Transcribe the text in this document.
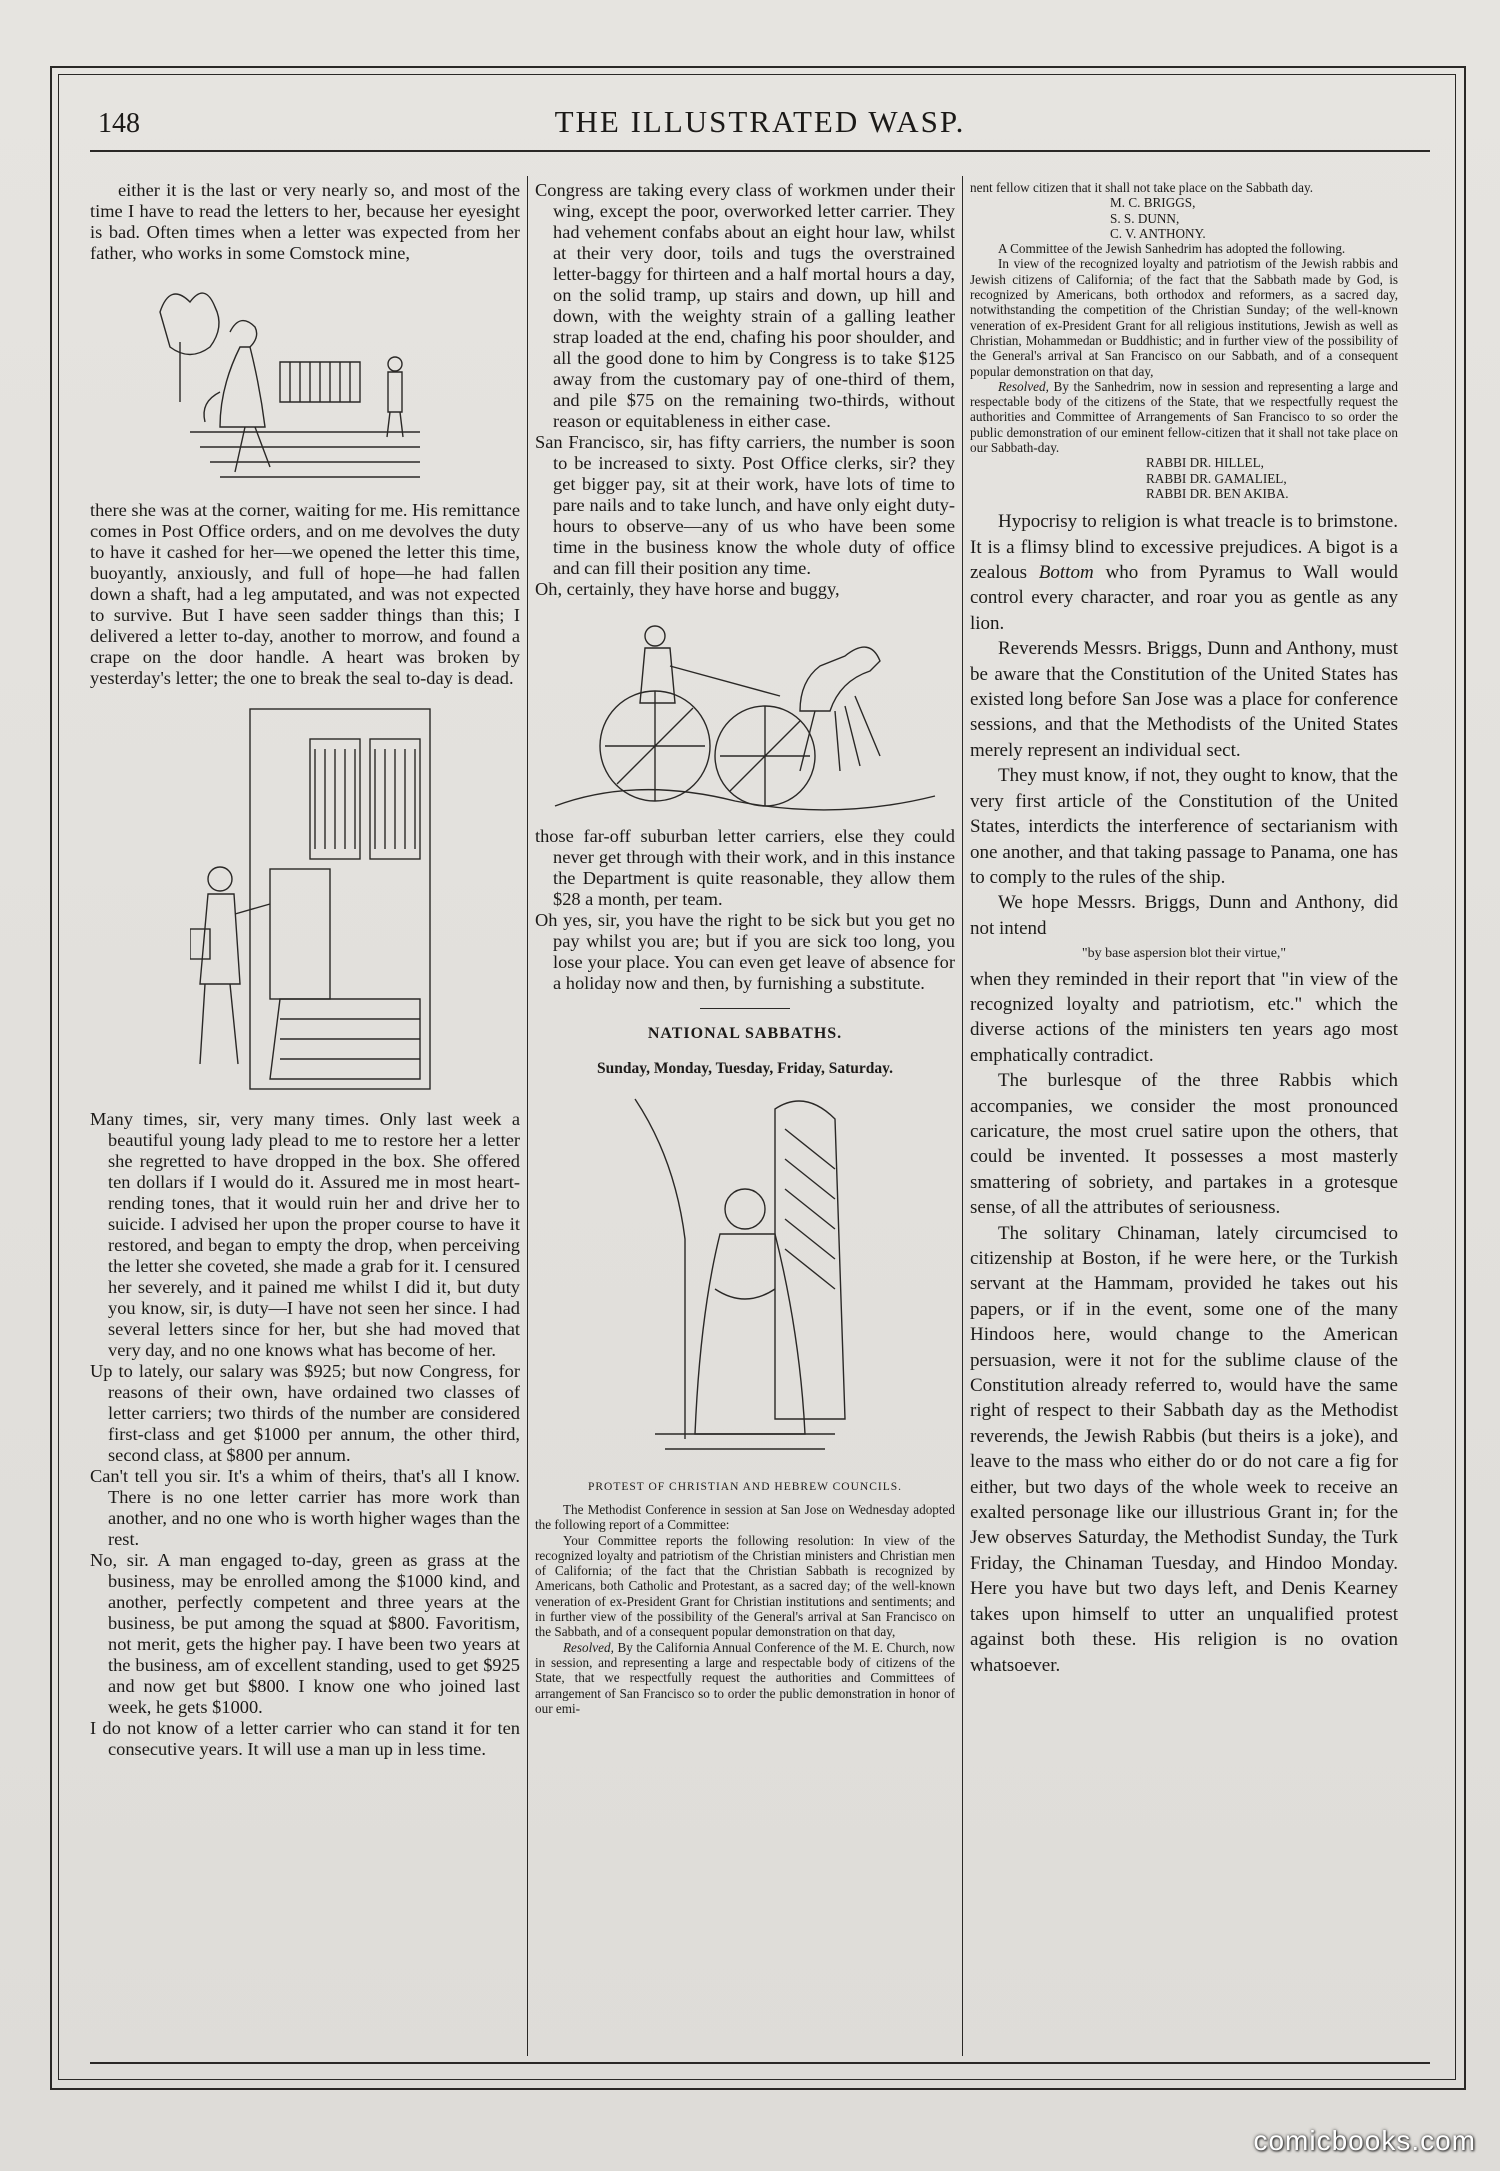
148	THE ILLUSTRATED WASP.

either it is the last or very nearly so, and most of the time I have to read the letters to her, because her eyesight is bad. Often times when a letter was expected from her father, who works in some Comstock mine,

there she was at the corner, waiting for me. His remittance comes in Post Office orders, and on me devolves the duty to have it cashed for her—we opened the letter this time, buoyantly, anxiously, and full of hope—he had fallen down a shaft, had a leg amputated, and was not expected to survive. But I have seen sadder things than this; I delivered a letter to-day, another to morrow, and found a crape on the door handle. A heart was broken by yesterday's letter; the one to break the seal to-day is dead.

Many times, sir, very many times. Only last week a beautiful young lady plead to me to restore her a letter she regretted to have dropped in the box. She offered ten dollars if I would do it. Assured me in most heart-rending tones, that it would ruin her and drive her to suicide. I advised her upon the proper course to have it restored, and began to empty the drop, when perceiving the letter she coveted, she made a grab for it. I censured her severely, and it pained me whilst I did it, but duty you know, sir, is duty—I have not seen her since. I had several letters since for her, but she had moved that very day, and no one knows what has become of her.

Up to lately, our salary was $925; but now Congress, for reasons of their own, have ordained two classes of letter carriers; two thirds of the number are considered first-class and get $1000 per annum, the other third, second class, at $800 per annum.

Can't tell you sir. It's a whim of theirs, that's all I know. There is no one letter carrier has more work than another, and no one who is worth higher wages than the rest.

No, sir. A man engaged to-day, green as grass at the business, may be enrolled among the $1000 kind, and another, perfectly competent and three years at the business, be put among the squad at $800. Favoritism, not merit, gets the higher pay. I have been two years at the business, am of excellent standing, used to get $925 and now get but $800. I know one who joined last week, he gets $1000.

I do not know of a letter carrier who can stand it for ten consecutive years. It will use a man up in less time.

Congress are taking every class of workmen under their wing, except the poor, overworked letter carrier. They had vehement confabs about an eight hour law, whilst at their very door, toils and tugs the overstrained letter-baggy for thirteen and a half mortal hours a day, on the solid tramp, up stairs and down, up hill and down, with the weighty strain of a galling leather strap loaded at the end, chafing his poor shoulder, and all the good done to him by Congress is to take $125 away from the customary pay of one-third of them, and pile $75 on the remaining two-thirds, without reason or equitableness in either case.

San Francisco, sir, has fifty carriers, the number is soon to be increased to sixty. Post Office clerks, sir? they get bigger pay, sit at their work, have lots of time to pare nails and to take lunch, and have only eight duty-hours to observe—any of us who have been some time in the business know the whole duty of office and can fill their position any time.

Oh, certainly, they have horse and buggy,

those far-off suburban letter carriers, else they could never get through with their work, and in this instance the Department is quite reasonable, they allow them $28 a month, per team.

Oh yes, sir, you have the right to be sick but you get no pay whilst you are; but if you are sick too long, you lose your place. You can even get leave of absence for a holiday now and then, by furnishing a substitute.

NATIONAL SABBATHS.

Sunday, Monday, Tuesday, Friday, Saturday.

PROTEST OF CHRISTIAN AND HEBREW COUNCILS.

The Methodist Conference in session at San Jose on Wednesday adopted the following report of a Committee:

Your Committee reports the following resolution: In view of the recognized loyalty and patriotism of the Christian ministers and Christian men of California; of the fact that the Christian Sabbath is recognized by Americans, both Catholic and Protestant, as a sacred day; of the well-known veneration of ex-President Grant for Christian institutions and sentiments; and in further view of the possibility of the General's arrival at San Francisco on the Sabbath, and of a consequent popular demonstration on that day,

Resolved, By the California Annual Conference of the M. E. Church, now in session, and representing a large and respectable body of citizens of the State, that we respectfully request the authorities and Committees of arrangement of San Francisco so to order the public demonstration in honor of our emi-

nent fellow citizen that it shall not take place on the Sabbath day.

M. C. BRIGGS,

S. S. DUNN,

C. V. ANTHONY.

A Committee of the Jewish Sanhedrim has adopted the following.

In view of the recognized loyalty and patriotism of the Jewish rabbis and Jewish citizens of California; of the fact that the Sabbath made by God, is recognized by Americans, both orthodox and reformers, as a sacred day, notwithstanding the competition of the Christian Sunday; of the well-known veneration of ex-President Grant for all religious institutions, Jewish as well as Christian, Mohammedan or Buddhistic; and in further view of the possibility of the General's arrival at San Francisco on our Sabbath, and of a consequent popular demonstration on that day,

Resolved, By the Sanhedrim, now in session and representing a large and respectable body of the citizens of the State, that we respectfully request the authorities and Committee of Arrangements of San Francisco to so order the public demonstration of our eminent fellow-citizen that it shall not take place on our Sabbath-day.

RABBI DR. HILLEL,

RABBI DR. GAMALIEL,

RABBI DR. BEN AKIBA.

Hypocrisy to religion is what treacle is to brimstone. It is a flimsy blind to excessive prejudices. A bigot is a zealous Bottom who from Pyramus to Wall would control every character, and roar you as gentle as any lion.

Reverends Messrs. Briggs, Dunn and Anthony, must be aware that the Constitution of the United States has existed long before San Jose was a place for conference sessions, and that the Methodists of the United States merely represent an individual sect.

They must know, if not, they ought to know, that the very first article of the Constitution of the United States, interdicts the interference of sectarianism with one another, and that taking passage to Panama, one has to comply to the rules of the ship.

We hope Messrs. Briggs, Dunn and Anthony, did not intend

"by base aspersion blot their virtue,"

when they reminded in their report that "in view of the recognized loyalty and patriotism, etc." which the diverse actions of the ministers ten years ago most emphatically contradict.

The burlesque of the three Rabbis which accompanies, we consider the most pronounced caricature, the most cruel satire upon the others, that could be invented. It possesses a most masterly smattering of sobriety, and partakes in a grotesque sense, of all the attributes of seriousness.

The solitary Chinaman, lately circumcised to citizenship at Boston, if he were here, or the Turkish servant at the Hammam, provided he takes out his papers, or if in the event, some one of the many Hindoos here, would change to the American persuasion, were it not for the sublime clause of the Constitution already referred to, would have the same right of respect to their Sabbath day as the Methodist reverends, the Jewish Rabbis (but theirs is a joke), and leave to the mass who either do or do not care a fig for either, but two days of the whole week to receive an exalted personage like our illustrious Grant in; for the Jew observes Saturday, the Methodist Sunday, the Turk Friday, the Chinaman Tuesday, and Hindoo Monday. Here you have but two days left, and Denis Kearney takes upon himself to utter an unqualified protest against both these. His religion is no ovation whatsoever.

comicbooks.com
